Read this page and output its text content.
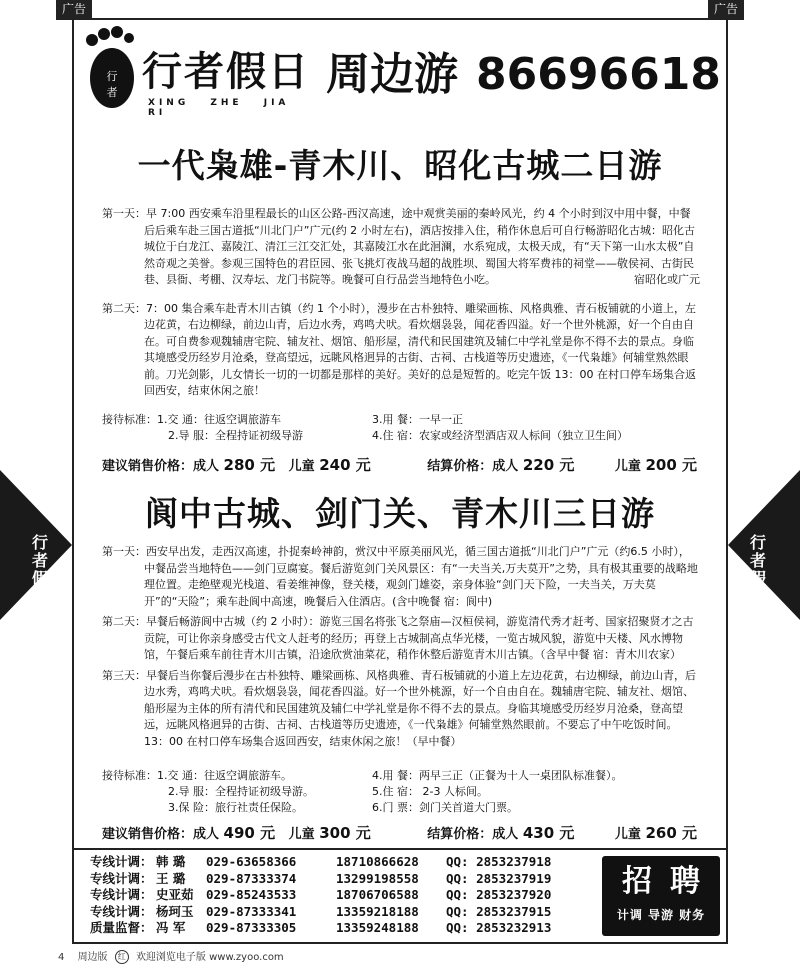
广告	广告
行
者 行者假日
XING ZHE JIA RI
周边游 86696618
一代枭雄-青木川、昭化古城二日游

第一天：早 7:00 西安乘车沿里程最长的山区公路-西汉高速，途中观赏美丽的秦岭风光，约 4 个小时到汉中用中餐，中餐后后乘车赴三国古道抵“川北门户”广元(约 2 小时左右)，酒店按排入住，稍作休息后可自行畅游昭化古城：昭化古城位于白龙江、嘉陵江、清江三江交汇处，其嘉陵江水在此洄澜，水系宛成，太极天成，有“天下第一山水太极”自然奇观之美誉。参观三国特色的君臣园、张飞挑灯夜战马超的战胜坝、蜀国大将军费祎的祠堂——敬侯祠、古街民巷、县衙、考棚、汉寿坛、龙门书院等。晚餐可自行品尝当地特色小吃。	宿昭化或广元

第二天：7：00 集合乘车赴青木川古镇（约 1 个小时），漫步在古朴独特、雕梁画栋、风格典雅、青石板铺就的小道上，左边花黄，右边柳绿，前边山青，后边水秀，鸡鸣犬吠。看炊烟袅袅，闻花香四溢。好一个世外桃源，好一个自由自在。可自费参观魏辅唐宅院、辅友社、烟馆、船形屋，清代和民国建筑及辅仁中学礼堂是你不得不去的景点。身临其境感受历经岁月沧桑，登高望远，远眺风格迥异的古街、古祠、古栈道等历史遗迹，《一代枭雄》何辅堂熟然眼前。刀光剑影，儿女情长一切的一切都是那样的美好。美好的总是短暂的。吃完午饭 13：00 在村口停车场集合返回西安，结束休闲之旅！

接待标准：1.交 通：往返空调旅游车	3.用 餐：一早一正
2.导 服：全程持证初级导游	4.住 宿：农家或经济型酒店双人标间（独立卫生间）
建议销售价格：成人 280 元 儿童 240 元	结算价格：成人 220 元	儿童 200 元
阆中古城、剑门关、青木川三日游

第一天：西安早出发，走西汉高速，扑捉秦岭神韵，赏汉中平原美丽风光，循三国古道抵“川北门户”广元（约6.5 小时），中餐品尝当地特色——剑门豆腐宴。餐后游览剑门关风景区：有“一夫当关,万夫莫开”之势，具有极其重要的战略地理位置。走绝壁观光栈道、看姜维神像，登关楼，观剑门雄姿，亲身体验“剑门天下险，一夫当关，万夫莫开”的“天险”；乘车赴阆中高速，晚餐后入住酒店。(含中晚餐 宿：阆中)

第二天：早餐后畅游阆中古城（约 2 小时）：游览三国名将张飞之祭庙—汉桓侯祠，游览清代秀才赶考、国家招聚贤才之古贡院，可让你亲身感受古代文人赶考的经历；再登上古城制高点华光楼，一览古城风貌，游览中天楼、风水博物馆，午餐后乘车前往青木川古镇，沿途欣赏油菜花，稍作休整后游览青木川古镇。（含早中餐 宿：青木川农家）

第三天：早餐后当你餐后漫步在古朴独特、雕梁画栋、风格典雅、青石板铺就的小道上左边花黄，右边柳绿，前边山青，后边水秀，鸡鸣犬吠。看炊烟袅袅，闻花香四溢。好一个世外桃源，好一个自由自在。魏辅唐宅院、辅友社、烟馆、船形屋为主体的所有清代和民国建筑及辅仁中学礼堂是你不得不去的景点。身临其境感受历经岁月沧桑，登高望远，远眺风格迥异的古街、古祠、古栈道等历史遗迹，《一代枭雄》何辅堂熟然眼前。不要忘了中午吃饭时间。13：00 在村口停车场集合返回西安，结束休闲之旅！（早中餐）

接待标准：1.交 通：往返空调旅游车。	4.用 餐：两早三正（正餐为十人一桌团队标准餐）。
2.导 服：全程持证初级导游。	5.住 宿： 2-3 人标间。
3.保 险：旅行社责任保险。	6.门 票：剑门关首道大门票。
建议销售价格：成人 490 元 儿童 300 元	结算价格：成人 430 元	儿童 260 元
行者假日
行者假日
专线计调： 韩 璐	029-63658366	18710866628	QQ: 2853237918
专线计调： 王 璐	029-87333374	13299198558	QQ: 2853237919
专线计调： 史亚茹 029-85243533	18706706588	QQ: 2853237920
专线计调： 杨珂玉 029-87333341	13359218188	QQ: 2853237915
质量监督： 冯 军	029-87333305	13359248188	QQ: 2853232913
招聘
计调 导游 财务
4 周边版 红 欢迎浏览电子版 www.zyoo.com
